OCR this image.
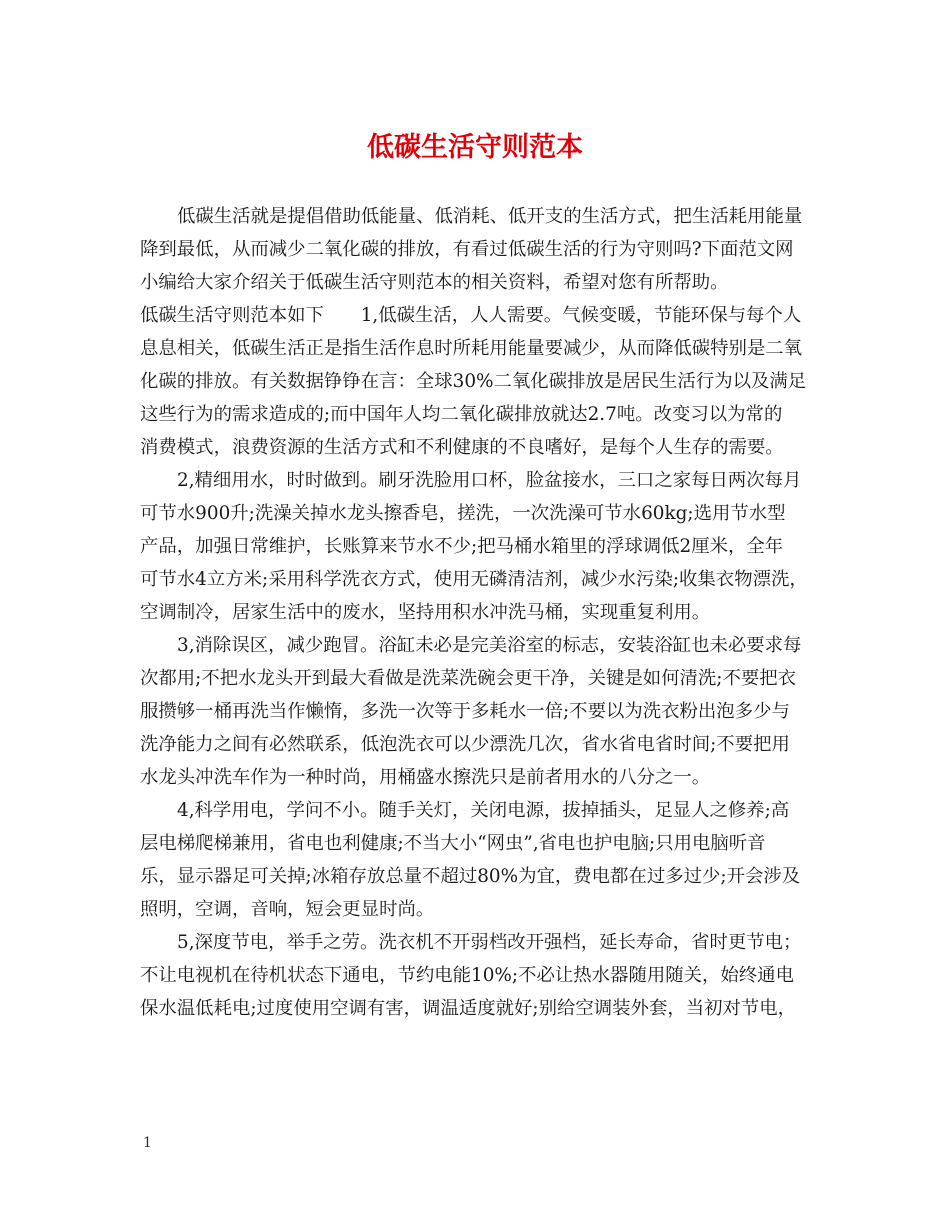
低碳生活守则范本
低碳生活就是提倡借助低能量、低消耗、低开支的生活方式，把生活耗用能量
降到最低，从而减少二氧化碳的排放，有看过低碳生活的行为守则吗?下面范文网
小编给大家介绍关于低碳生活守则范本的相关资料，希望对您有所帮助。
低碳生活守则范本如下　　1,低碳生活，人人需要。气候变暖，节能环保与每个人
息息相关，低碳生活正是指生活作息时所耗用能量要减少，从而降低碳特别是二氧
化碳的排放。有关数据铮铮在言：全球30%二氧化碳排放是居民生活行为以及满足
这些行为的需求造成的;而中国年人均二氧化碳排放就达2.7吨。改变习以为常的
消费模式，浪费资源的生活方式和不利健康的不良嗜好，是每个人生存的需要。
2,精细用水，时时做到。刷牙洗脸用口杯，脸盆接水，三口之家每日两次每月
可节水900升;洗澡关掉水龙头擦香皂，搓洗，一次洗澡可节水60kg;选用节水型
产品，加强日常维护，长账算来节水不少;把马桶水箱里的浮球调低2厘米，全年
可节水4立方米;采用科学洗衣方式，使用无磷清洁剂，减少水污染;收集衣物漂洗，
空调制冷，居家生活中的废水，坚持用积水冲洗马桶，实现重复利用。
3,消除误区，减少跑冒。浴缸未必是完美浴室的标志，安装浴缸也未必要求每
次都用;不把水龙头开到最大看做是洗菜洗碗会更干净，关键是如何清洗;不要把衣
服攒够一桶再洗当作懒惰，多洗一次等于多耗水一倍;不要以为洗衣粉出泡多少与
洗净能力之间有必然联系，低泡洗衣可以少漂洗几次，省水省电省时间;不要把用
水龙头冲洗车作为一种时尚，用桶盛水擦洗只是前者用水的八分之一。
4,科学用电，学问不小。随手关灯，关闭电源，拔掉插头，足显人之修养;高
层电梯爬梯兼用，省电也利健康;不当大小“网虫”,省电也护电脑;只用电脑听音
乐，显示器足可关掉;冰箱存放总量不超过80%为宜，费电都在过多过少;开会涉及
照明，空调，音响，短会更显时尚。
5,深度节电，举手之劳。洗衣机不开弱档改开强档，延长寿命，省时更节电；
不让电视机在待机状态下通电，节约电能10%;不必让热水器随用随关，始终通电
保水温低耗电;过度使用空调有害，调温适度就好;别给空调装外套，当初对节电，
1
